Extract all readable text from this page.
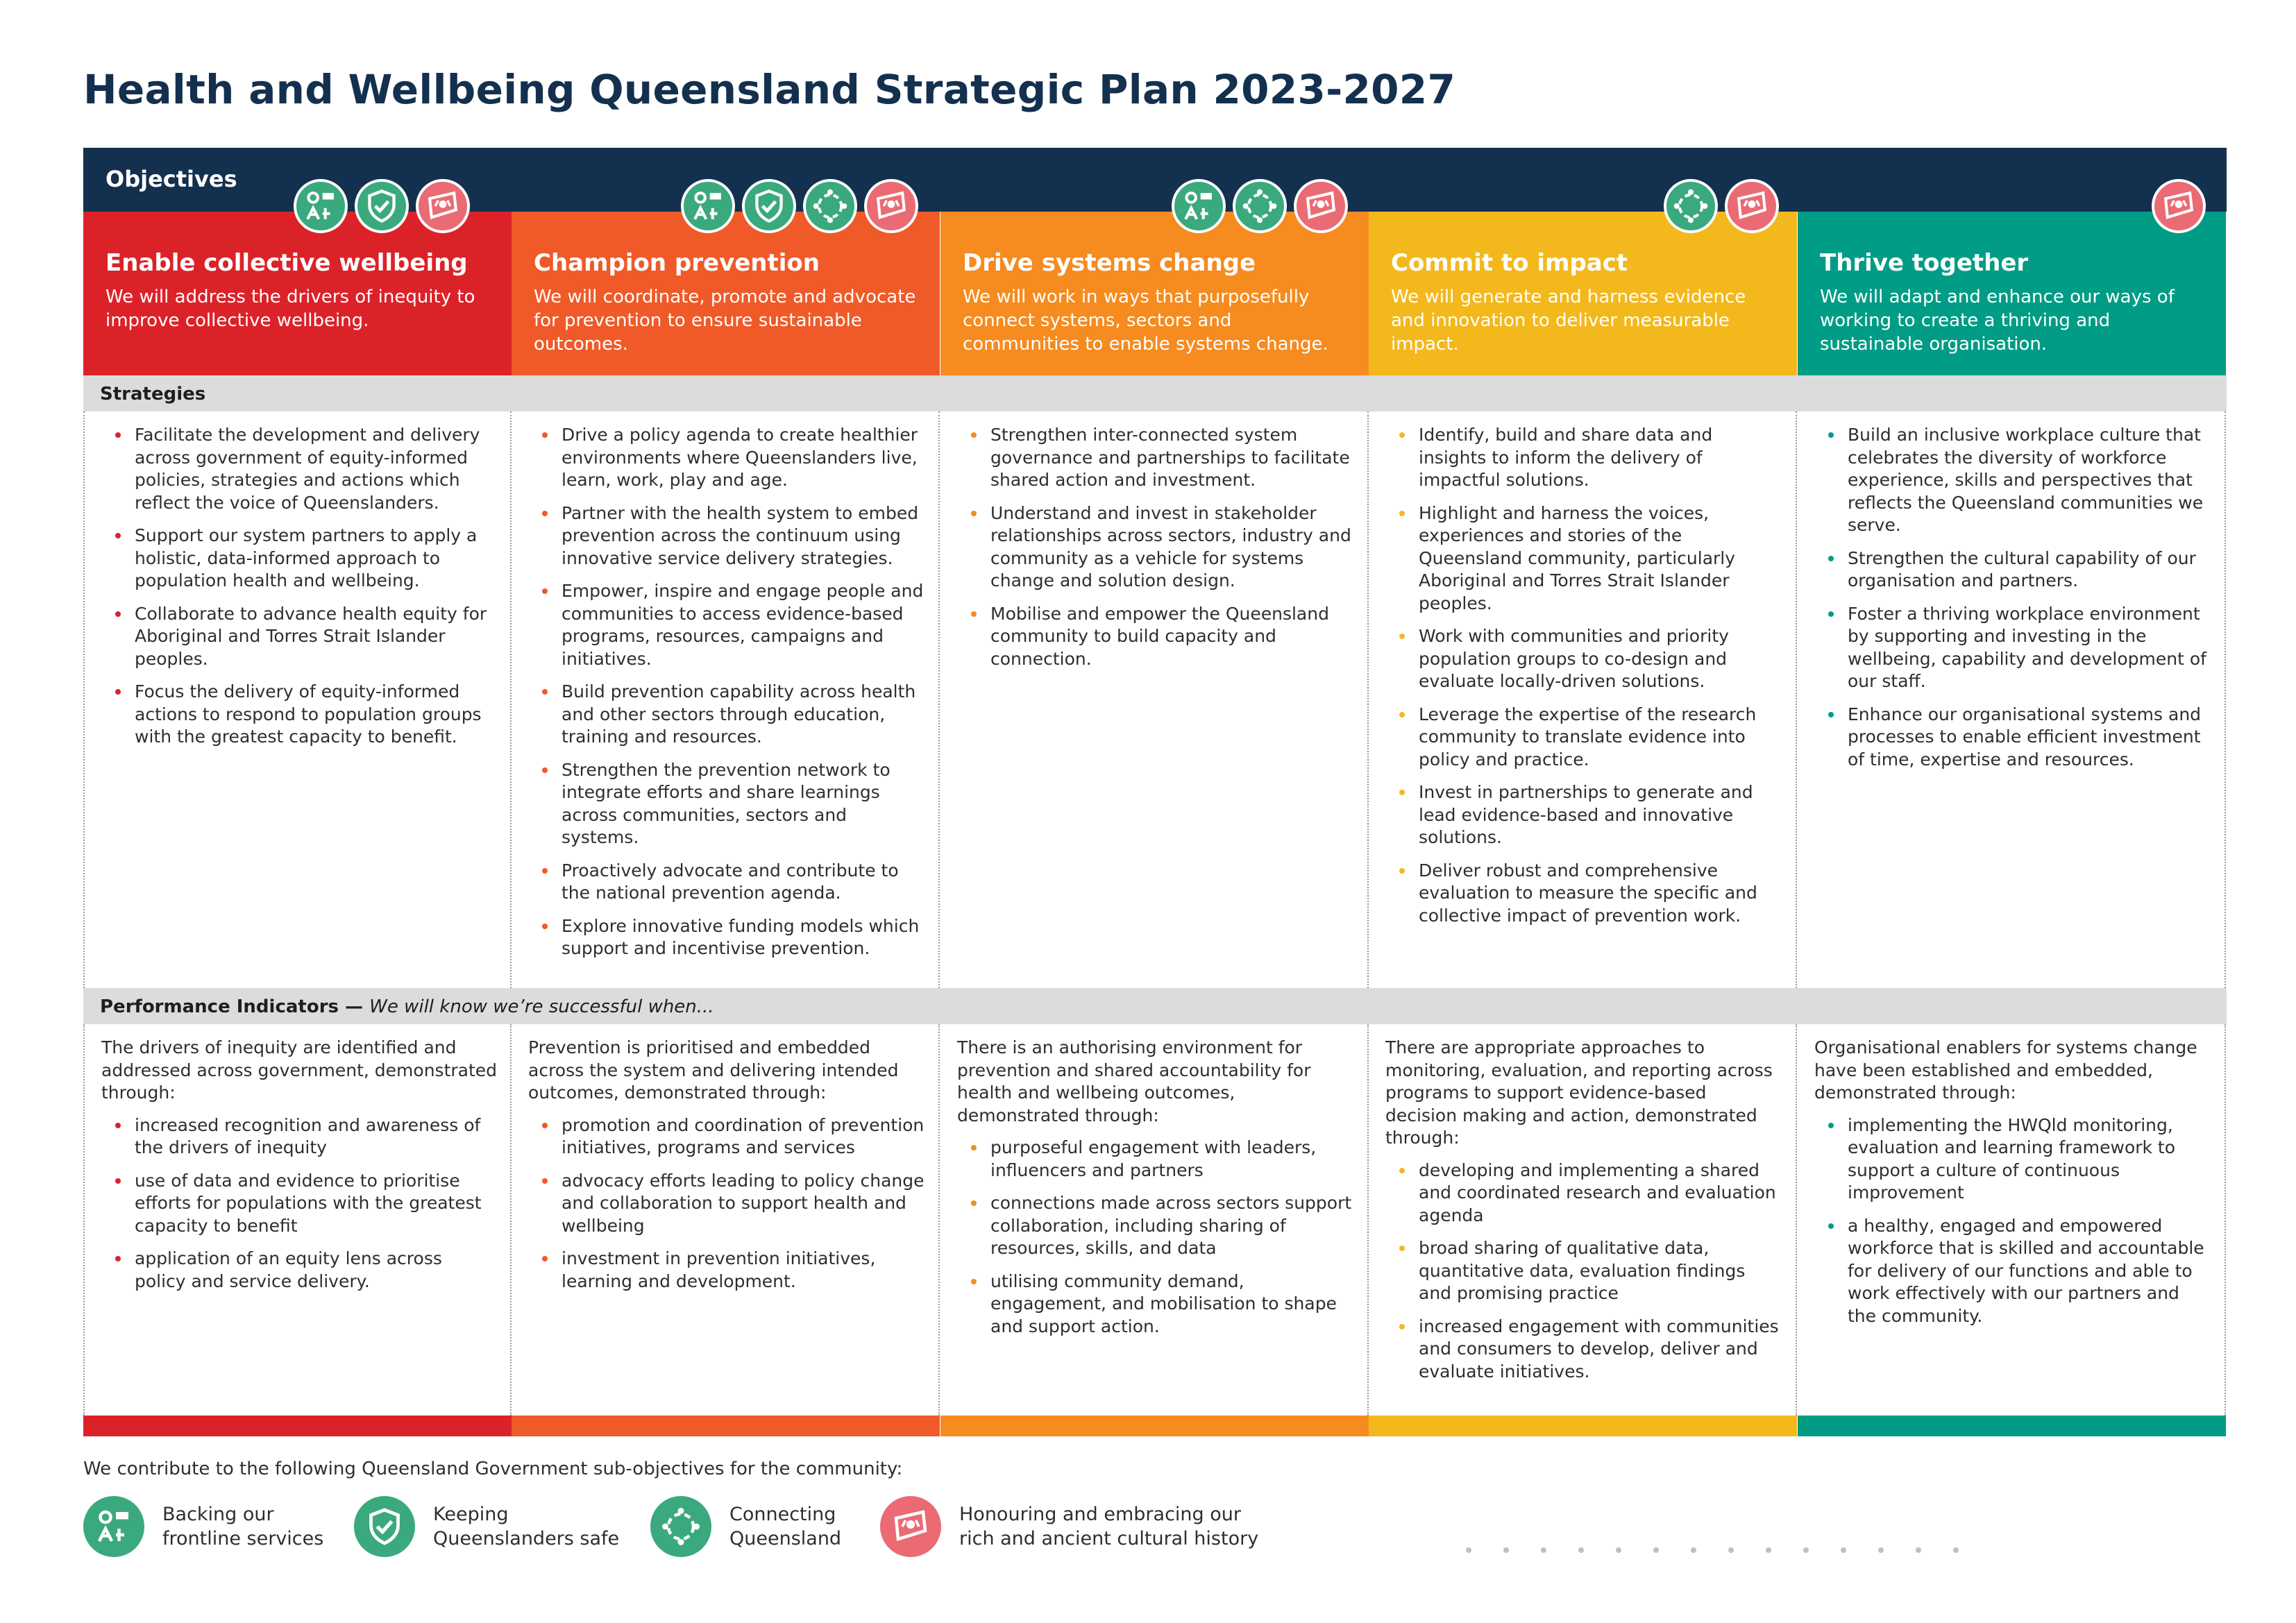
Health and Wellbeing Queensland Strategic Plan 2023-2027
Objectives
Enable collective wellbeing

We will address the drivers of inequity to improve collective wellbeing.

Facilitate the development and delivery across government of equity-informed policies, strategies and actions which reflect the voice of Queenslanders.
Support our system partners to apply a holistic, data-informed approach to population health and wellbeing.
Collaborate to advance health equity for Aboriginal and Torres Strait Islander peoples.
Focus the delivery of equity-informed actions to respond to population groups with the greatest capacity to benefit.

The drivers of inequity are identified and addressed across government, demonstrated through:

increased recognition and awareness of the drivers of inequity
use of data and evidence to prioritise efforts for populations with the greatest capacity to benefit
application of an equity lens across policy and service delivery.
Champion prevention

We will coordinate, promote and advocate for prevention to ensure sustainable outcomes.

Drive a policy agenda to create healthier environments where Queenslanders live, learn, work, play and age.
Partner with the health system to embed prevention across the continuum using innovative service delivery strategies.
Empower, inspire and engage people and communities to access evidence-based programs, resources, campaigns and initiatives.
Build prevention capability across health and other sectors through education, training and resources.
Strengthen the prevention network to integrate efforts and share learnings across communities, sectors and systems.
Proactively advocate and contribute to the national prevention agenda.
Explore innovative funding models which support and incentivise prevention.

Prevention is prioritised and embedded across the system and delivering intended outcomes, demonstrated through:

promotion and coordination of prevention initiatives, programs and services
advocacy efforts leading to policy change and collaboration to support health and wellbeing
investment in prevention initiatives, learning and development.
Drive systems change

We will work in ways that purposefully connect systems, sectors and communities to enable systems change.

Strengthen inter-connected system governance and partnerships to facilitate shared action and investment.
Understand and invest in stakeholder relationships across sectors, industry and community as a vehicle for systems change and solution design.
Mobilise and empower the Queensland community to build capacity and connection.

There is an authorising environment for prevention and shared accountability for health and wellbeing outcomes, demonstrated through:

purposeful engagement with leaders, influencers and partners
connections made across sectors support collaboration, including sharing of resources, skills, and data
utilising community demand, engagement, and mobilisation to shape and support action.
Commit to impact

We will generate and harness evidence and innovation to deliver measurable impact.

Identify, build and share data and insights to inform the delivery of impactful solutions.
Highlight and harness the voices, experiences and stories of the Queensland community, particularly Aboriginal and Torres Strait Islander peoples.
Work with communities and priority population groups to co-design and evaluate locally-driven solutions.
Leverage the expertise of the research community to translate evidence into policy and practice.
Invest in partnerships to generate and lead evidence-based and innovative solutions.
Deliver robust and comprehensive evaluation to measure the specific and collective impact of prevention work.

There are appropriate approaches to monitoring, evaluation, and reporting across programs to support evidence-based decision making and action, demonstrated through:

developing and implementing a shared and coordinated research and evaluation agenda
broad sharing of qualitative data, quantitative data, evaluation findings and promising practice
increased engagement with communities and consumers to develop, deliver and evaluate initiatives.
Thrive together

We will adapt and enhance our ways of working to create a thriving and sustainable organisation.

Build an inclusive workplace culture that celebrates the diversity of workforce experience, skills and perspectives that reflects the Queensland communities we serve.
Strengthen the cultural capability of our organisation and partners.
Foster a thriving workplace environment by supporting and investing in the wellbeing, capability and development of our staff.
Enhance our organisational systems and processes to enable efficient investment of time, expertise and resources.

Organisational enablers for systems change have been established and embedded, demonstrated through:

implementing the HWQld monitoring, evaluation and learning framework to support a culture of continuous improvement
a healthy, engaged and empowered workforce that is skilled and accountable for delivery of our functions and able to work effectively with our partners and the community.
Strategies
Performance Indicators — We will know we’re successful when...
We contribute to the following Queensland Government sub-objectives for the community:
Backing our
frontline services
Keeping
Queenslanders safe
Connecting
Queensland
Honouring and embracing our
rich and ancient cultural history
